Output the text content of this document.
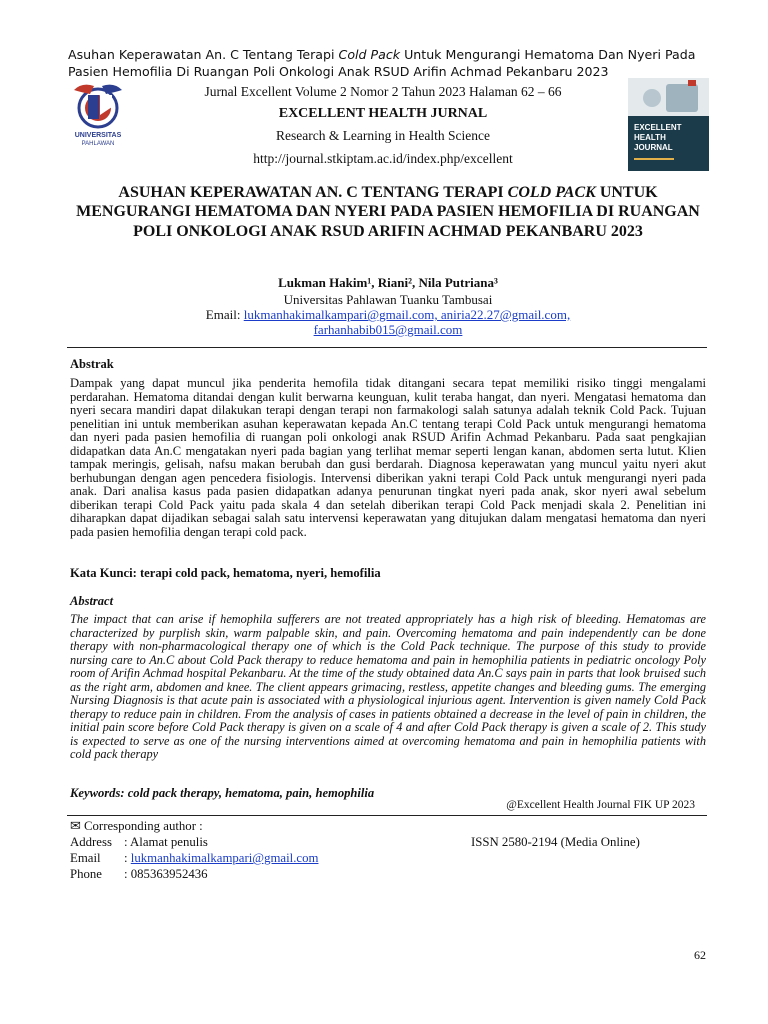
Asuhan Keperawatan An. C Tentang Terapi Cold Pack Untuk Mengurangi Hematoma Dan Nyeri Pada Pasien Hemofilia Di Ruangan Poli Onkologi Anak RSUD Arifin Achmad Pekanbaru 2023
UNIVERSITAS
PAHLAWAN
Jurnal Excellent Volume 2 Nomor 2 Tahun 2023 Halaman 62 – 66
EXCELLENT HEALTH JURNAL
Research & Learning in Health Science
http://journal.stkiptam.ac.id/index.php/excellent
EXCELLENT
HEALTH
JOURNAL
ASUHAN KEPERAWATAN AN. C TENTANG TERAPI COLD PACK UNTUK MENGURANGI HEMATOMA DAN NYERI PADA PASIEN HEMOFILIA DI RUANGAN POLI ONKOLOGI ANAK RSUD ARIFIN ACHMAD PEKANBARU 2023
Lukman Hakim¹, Riani², Nila Putriana³
Universitas Pahlawan Tuanku Tambusai
Email: lukmanhakimalkampari@gmail.com, aniria22.27@gmail.com,
farhanhabib015@gmail.com
Abstrak
Dampak yang dapat muncul jika penderita hemofila tidak ditangani secara tepat memiliki risiko tinggi mengalami perdarahan. Hematoma ditandai dengan kulit berwarna keunguan, kulit teraba hangat, dan nyeri. Mengatasi hematoma dan nyeri secara mandiri dapat dilakukan terapi dengan terapi non farmakologi salah satunya adalah teknik Cold Pack. Tujuan penelitian ini untuk memberikan asuhan keperawatan kepada An.C tentang terapi Cold Pack untuk mengurangi hematoma dan nyeri pada pasien hemofilia di ruangan poli onkologi anak RSUD Arifin Achmad Pekanbaru. Pada saat pengkajian didapatkan data An.C mengatakan nyeri pada bagian yang terlihat memar seperti lengan kanan, abdomen serta lutut. Klien tampak meringis, gelisah, nafsu makan berubah dan gusi berdarah. Diagnosa keperawatan yang muncul yaitu nyeri akut berhubungan dengan agen pencedera fisiologis. Intervensi diberikan yakni terapi Cold Pack untuk mengurangi nyeri pada anak. Dari analisa kasus pada pasien didapatkan adanya penurunan tingkat nyeri pada anak, skor nyeri awal sebelum diberikan terapi Cold Pack yaitu pada skala 4 dan setelah diberikan terapi Cold Pack menjadi skala 2. Penelitian ini diharapkan dapat dijadikan sebagai salah satu intervensi keperawatan yang ditujukan dalam mengatasi hematoma dan nyeri pada pasien hemofilia dengan terapi cold pack.
Kata Kunci: terapi cold pack, hematoma, nyeri, hemofilia
Abstract
The impact that can arise if hemophila sufferers are not treated appropriately has a high risk of bleeding. Hematomas are characterized by purplish skin, warm palpable skin, and pain. Overcoming hematoma and pain independently can be done therapy with non-pharmacological therapy one of which is the Cold Pack technique. The purpose of this study to provide nursing care to An.C about Cold Pack therapy to reduce hematoma and pain in hemophilia patients in pediatric oncology Poly room of Arifin Achmad hospital Pekanbaru. At the time of the study obtained data An.C says pain in parts that look bruised such as the right arm, abdomen and knee. The client appears grimacing, restless, appetite changes and bleeding gums. The emerging Nursing Diagnosis is that acute pain is associated with a physiological injurious agent. Intervention is given namely Cold Pack therapy to reduce pain in children. From the analysis of cases in patients obtained a decrease in the level of pain in children, the initial pain score before Cold Pack therapy is given on a scale of 4 and after Cold Pack therapy is given a scale of 2. This study is expected to serve as one of the nursing interventions aimed at overcoming hematoma and pain in hemophilia patients with cold pack therapy
Keywords: cold pack therapy, hematoma, pain, hemophilia
@Excellent Health Journal FIK UP 2023
✉ Corresponding author :
Address : Alamat penulis
Email	: lukmanhakimalkampari@gmail.com
Phone	: 085363952436
ISSN 2580-2194 (Media Online)
62
